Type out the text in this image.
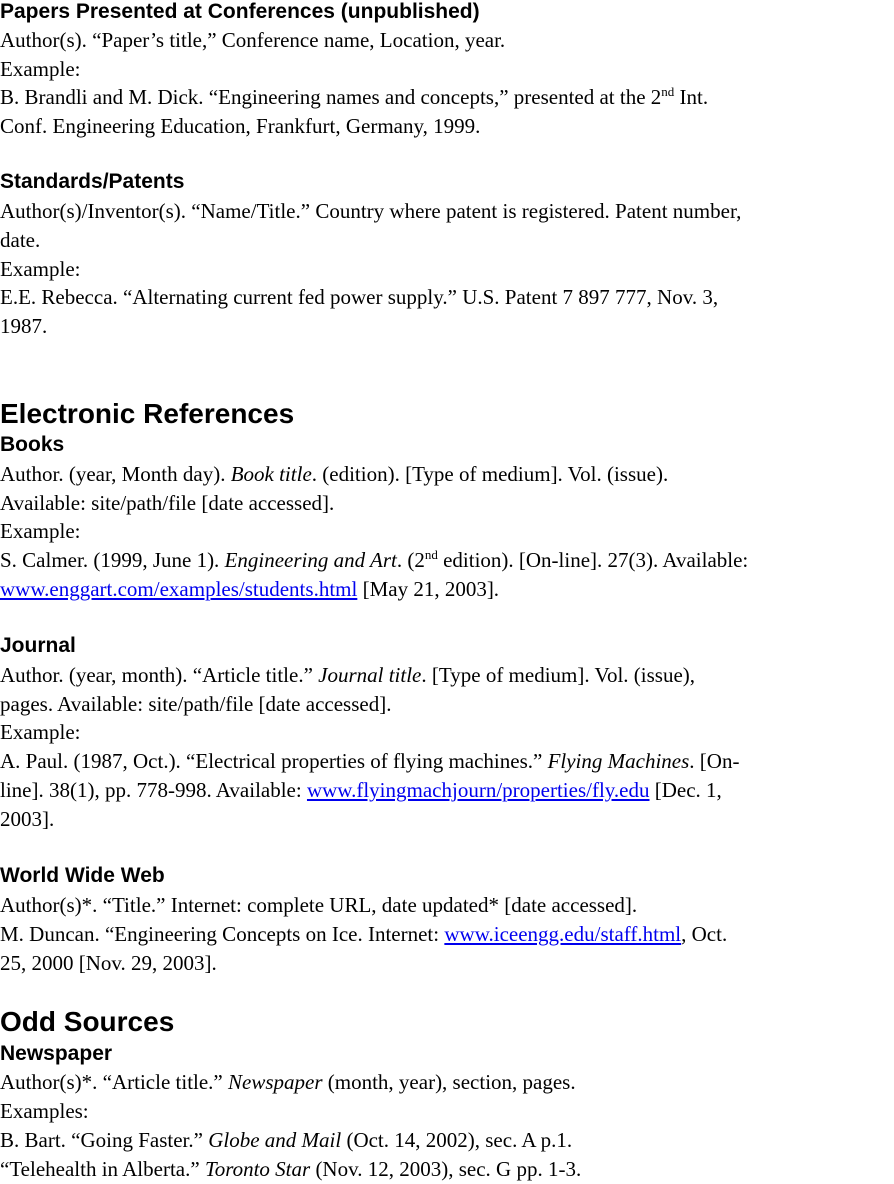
Papers Presented at Conferences (unpublished)
Author(s). “Paper’s title,” Conference name, Location, year.
Example:
B. Brandli and M. Dick. “Engineering names and concepts,” presented at the 2nd Int.
Conf. Engineering Education, Frankfurt, Germany, 1999.
Standards/Patents
Author(s)/Inventor(s). “Name/Title.” Country where patent is registered. Patent number,
date.
Example:
E.E. Rebecca. “Alternating current fed power supply.” U.S. Patent 7 897 777, Nov. 3,
1987.
Electronic References
Books
Author. (year, Month day). Book title. (edition). [Type of medium]. Vol. (issue).
Available: site/path/file [date accessed].
Example:
S. Calmer. (1999, June 1). Engineering and Art. (2nd edition). [On-line]. 27(3). Available:
www.enggart.com/examples/students.html [May 21, 2003].
Journal
Author. (year, month). “Article title.” Journal title. [Type of medium]. Vol. (issue),
pages. Available: site/path/file [date accessed].
Example:
A. Paul. (1987, Oct.). “Electrical properties of flying machines.” Flying Machines. [On-
line]. 38(1), pp. 778-998. Available: www.flyingmachjourn/properties/fly.edu [Dec. 1,
2003].
World Wide Web
Author(s)*. “Title.” Internet: complete URL, date updated* [date accessed].
M. Duncan. “Engineering Concepts on Ice. Internet: www.iceengg.edu/staff.html, Oct.
25, 2000 [Nov. 29, 2003].
Odd Sources
Newspaper
Author(s)*. “Article title.” Newspaper (month, year), section, pages.
Examples:
B. Bart. “Going Faster.” Globe and Mail (Oct. 14, 2002), sec. A p.1.
“Telehealth in Alberta.” Toronto Star (Nov. 12, 2003), sec. G pp. 1-3.
